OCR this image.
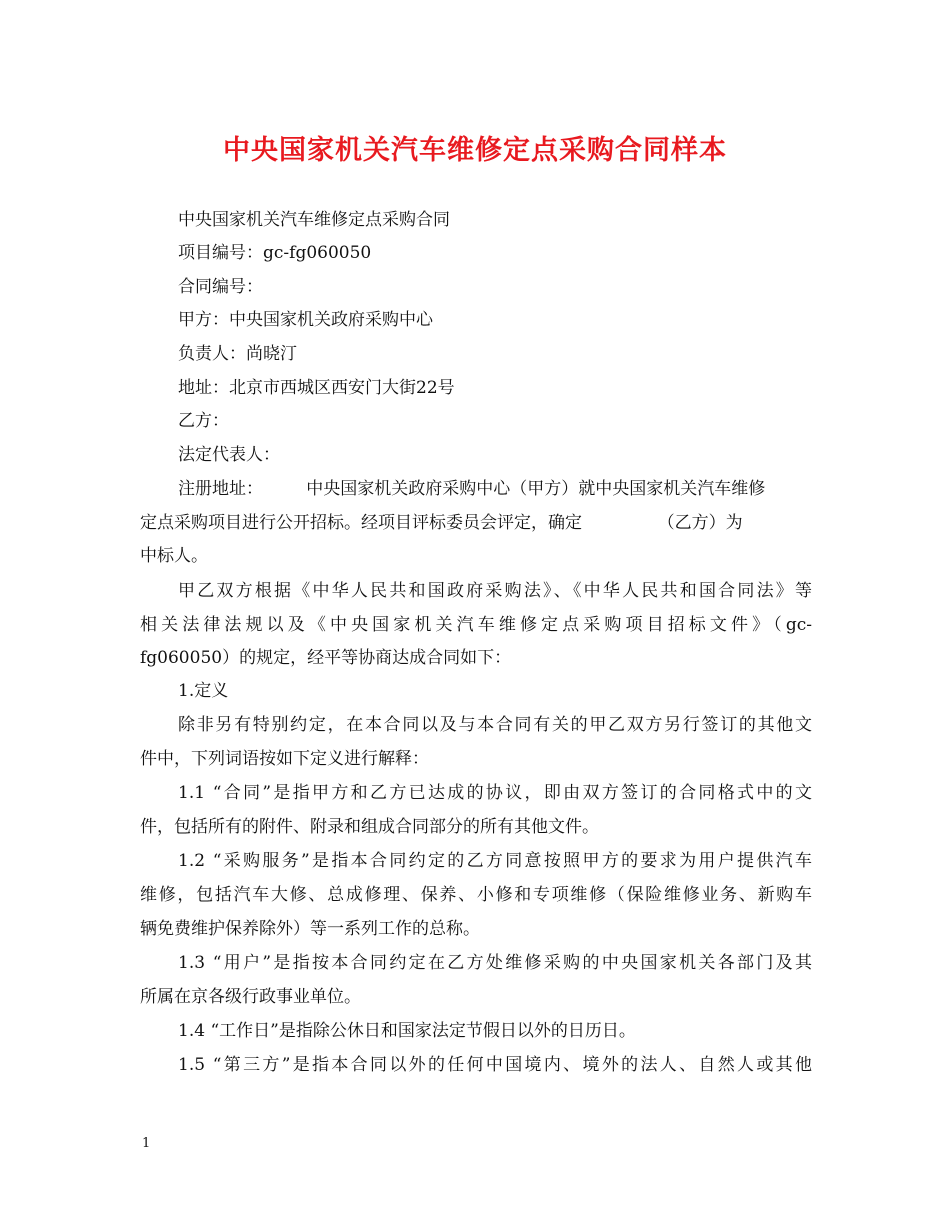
中央国家机关汽车维修定点采购合同样本
中央国家机关汽车维修定点采购合同
项目编号：gc-fg060050
合同编号：
甲方：中央国家机关政府采购中心
负责人：尚晓汀
地址：北京市西城区西安门大街22号
乙方：
法定代表人：
注册地址：        中央国家机关政府采购中心（甲方）就中央国家机关汽车维修
定点采购项目进行公开招标。经项目评标委员会评定，确定              （乙方）为
中标人。
甲乙双方根据《中华人民共和国政府采购法》、《中华人民共和国合同法》等
相关法律法规以及《中央国家机关汽车维修定点采购项目招标文件》（gc-
fg060050）的规定，经平等协商达成合同如下：
1.定义
除非另有特别约定，在本合同以及与本合同有关的甲乙双方另行签订的其他文
件中，下列词语按如下定义进行解释：
1.1 “合同”是指甲方和乙方已达成的协议，即由双方签订的合同格式中的文
件，包括所有的附件、附录和组成合同部分的所有其他文件。
1.2 “采购服务”是指本合同约定的乙方同意按照甲方的要求为用户提供汽车
维修，包括汽车大修、总成修理、保养、小修和专项维修（保险维修业务、新购车
辆免费维护保养除外）等一系列工作的总称。
1.3 “用户”是指按本合同约定在乙方处维修采购的中央国家机关各部门及其
所属在京各级行政事业单位。
1.4 “工作日”是指除公休日和国家法定节假日以外的日历日。
1.5 “第三方”是指本合同以外的任何中国境内、境外的法人、自然人或其他
1
